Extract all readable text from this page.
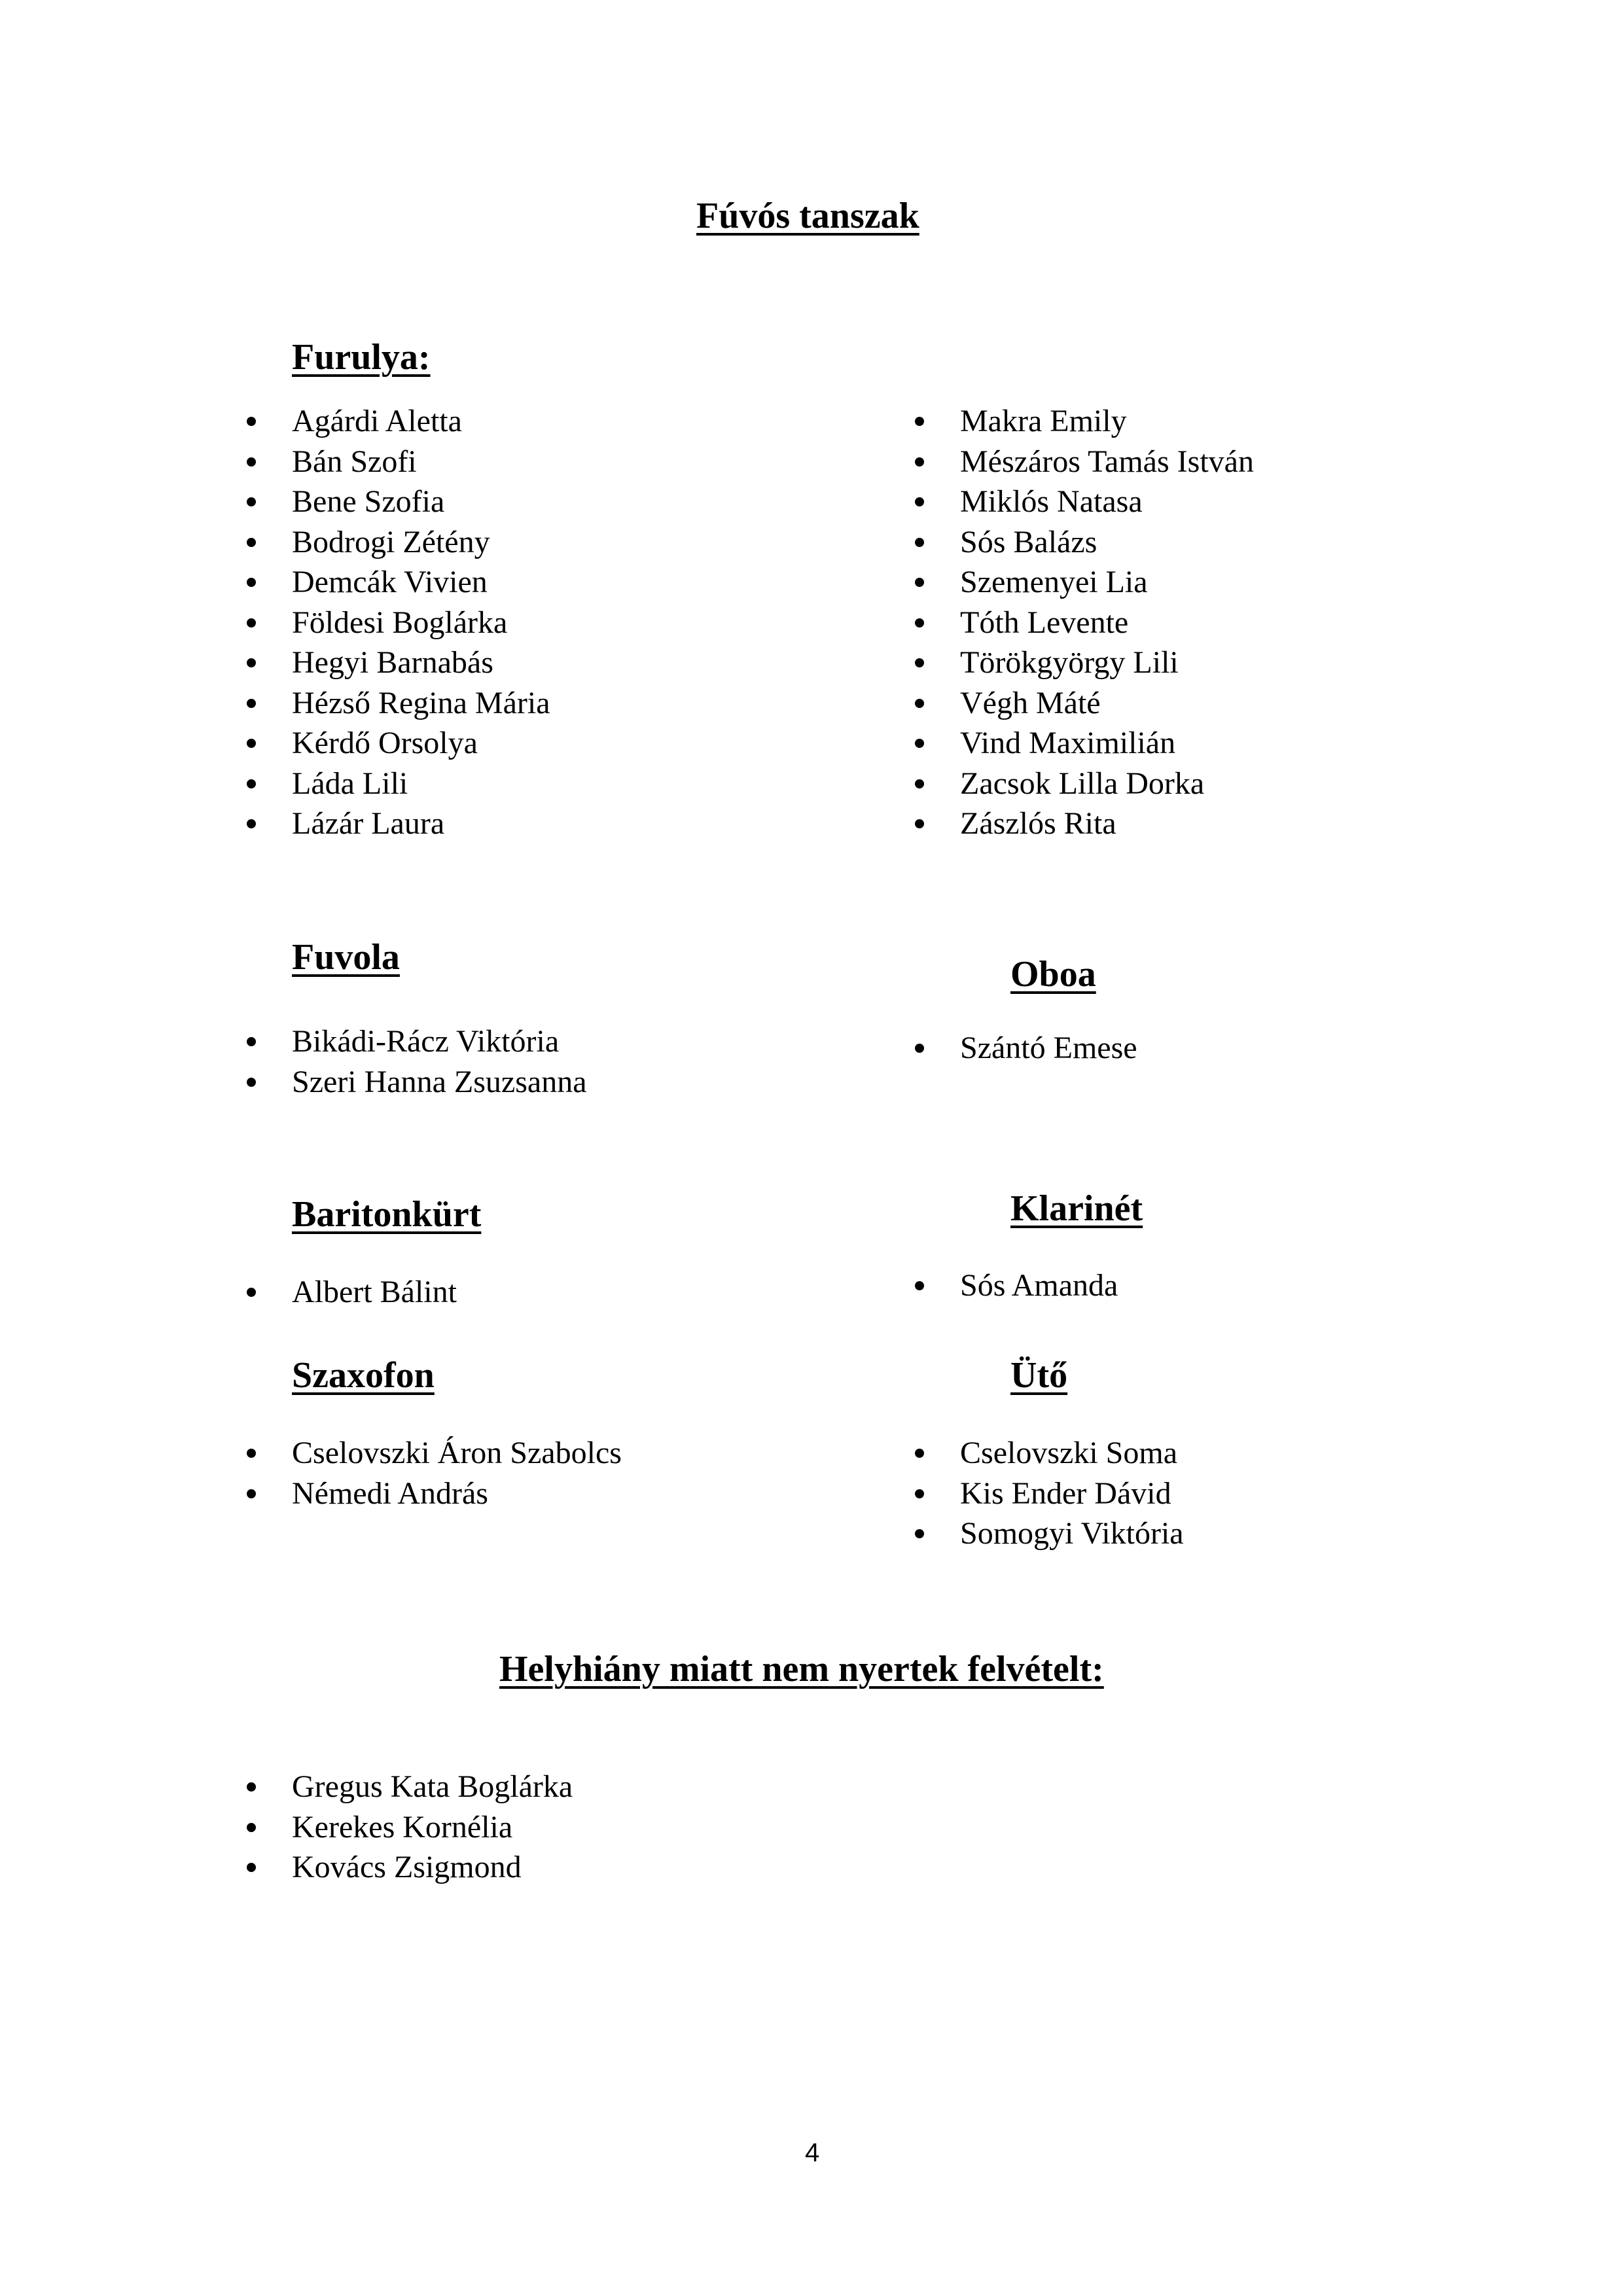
Fúvós tanszak
Furulya:
Agárdi Aletta
Bán Szofi
Bene Szofia
Bodrogi Zétény
Demcák Vivien
Földesi Boglárka
Hegyi Barnabás
Hézső Regina Mária
Kérdő Orsolya
Láda Lili
Lázár Laura
Makra Emily
Mészáros Tamás István
Miklós Natasa
Sós Balázs
Szemenyei Lia
Tóth Levente
Törökgyörgy Lili
Végh Máté
Vind Maximilián
Zacsok Lilla Dorka
Zászlós Rita
Fuvola
Bikádi-Rácz Viktória
Szeri Hanna Zsuzsanna
Oboa
Szántó Emese
Baritonkürt
Albert Bálint
Klarinét
Sós Amanda
Szaxofon
Cselovszki Áron Szabolcs
Némedi András
Ütő
Cselovszki Soma
Kis Ender Dávid
Somogyi Viktória
Helyhiány miatt nem nyertek felvételt:
Gregus Kata Boglárka
Kerekes Kornélia
Kovács Zsigmond
4
